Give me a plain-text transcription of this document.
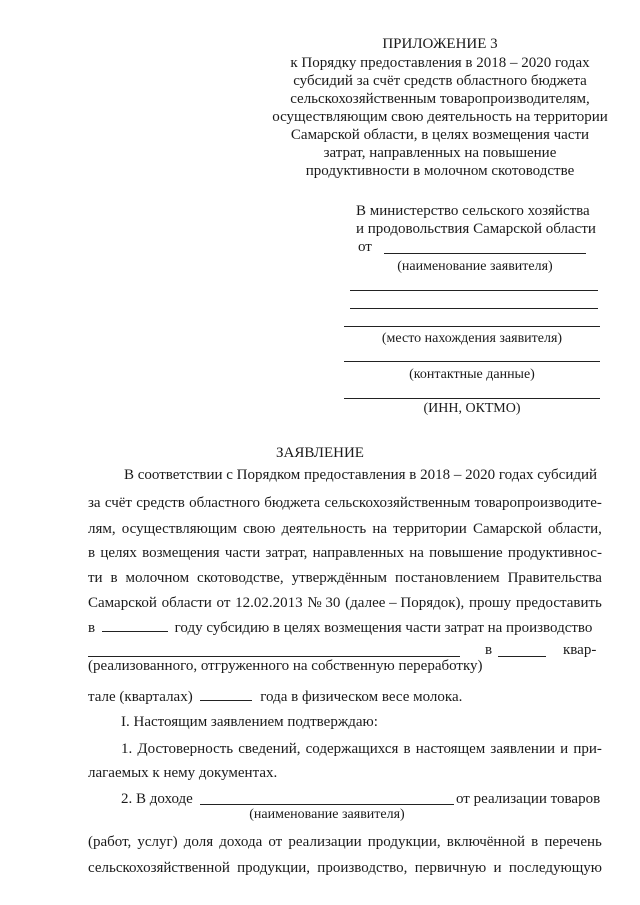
ПРИЛОЖЕНИЕ 3
к Порядку предоставления в 2018 – 2020 годах
субсидий за счёт средств областного бюджета
сельскохозяйственным товаропроизводителям,
осуществляющим свою деятельность на территории
Самарской области, в целях возмещения части
затрат, направленных на повышение
продуктивности в молочном скотоводстве
В министерство сельского хозяйства
и продовольствия Самарской области
от
(наименование заявителя)
(место нахождения заявителя)
(контактные данные)
(ИНН, ОКТМО)
ЗАЯВЛЕНИЕ
В соответствии с Порядком предоставления в 2018 – 2020 годах субсидий
за счёт средств областного бюджета сельскохозяйственным товаропроизводите-
лям, осуществляющим свою деятельность на территории Самарской области,
в целях возмещения части затрат, направленных на повышение продуктивнос-
ти в молочном скотоводстве, утверждённым постановлением Правительства
Самарской области от 12.02.2013 № 30 (далее – Порядок), прошу предоставить
в	году субсидию в целях возмещения части затрат на производство
в	квар-
(реализованного, отгруженного на собственную переработку)
тале (кварталах)	года в физическом весе молока.
I. Настоящим заявлением подтверждаю:
1. Достоверность сведений, содержащихся в настоящем заявлении и при-
лагаемых к нему документах.
2. В доходе	от реализации товаров
(наименование заявителя)
(работ, услуг) доля дохода от реализации продукции, включённой в перечень
сельскохозяйственной продукции, производство, первичную и последующую
